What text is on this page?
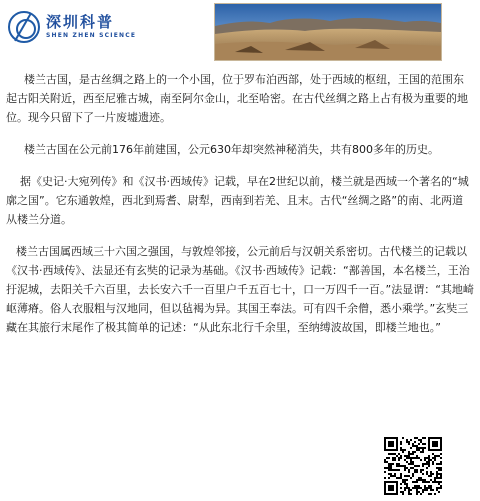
深圳科普
SHEN ZHEN SCIENCE

楼兰古国，是古丝绸之路上的一个小国，位于罗布泊西部，处于西域的枢纽，王国的范围东起古阳关附近，西至尼雅古城，南至阿尔金山，北至哈密。在古代丝绸之路上占有极为重要的地位。现今只留下了一片废墟遗迹。

楼兰古国在公元前176年前建国，公元630年却突然神秘消失，共有800多年的历史。

据《史记·大宛列传》和《汉书·西域传》记载，早在2世纪以前，楼兰就是西域一个著名的“城廓之国”。它东通敦煌，西北到焉耆、尉犁，西南到若羌、且末。古代“丝绸之路”的南、北两道从楼兰分道。

楼兰古国属西域三十六国之强国，与敦煌邻接，公元前后与汉朝关系密切。古代楼兰的记载以《汉书·西域传》、法显还有玄奘的记录为基础。《汉书·西域传》记载：“鄯善国，本名楼兰，王治扜泥城，去阳关千六百里，去长安六千一百里户千五百七十，口一万四千一百。”法显谓：“其地崎岖薄瘠。俗人衣服粗与汉地同，但以毡褐为异。其国王奉法。可有四千余僧，悉小乘学。”玄奘三藏在其旅行末尾作了极其简单的记述：“从此东北行千余里，至纳缚波故国，即楼兰地也。”
